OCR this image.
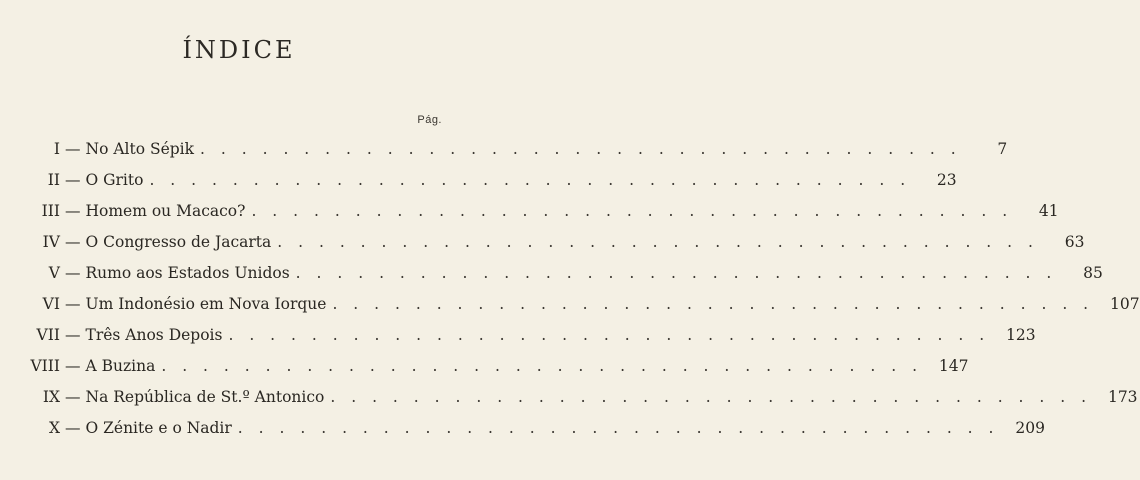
ÍNDICE
Pág.
I — No Alto Sépik . . . . . . . . . . . . . . . . . . . . . . . . . . . . . . . . . . . . .	7
II — O Grito . . . . . . . . . . . . . . . . . . . . . . . . . . . . . . . . . . . . .	23
III — Homem ou Macaco? . . . . . . . . . . . . . . . . . . . . . . . . . . . . . . . . . . . . .	41
IV — O Congresso de Jacarta . . . . . . . . . . . . . . . . . . . . . . . . . . . . . . . . . . . . .	63
V — Rumo aos Estados Unidos . . . . . . . . . . . . . . . . . . . . . . . . . . . . . . . . . . . . .	85
VI — Um Indonésio em Nova Iorque . . . . . . . . . . . . . . . . . . . . . . . . . . . . . . . . . . . . .	107
VII — Três Anos Depois . . . . . . . . . . . . . . . . . . . . . . . . . . . . . . . . . . . . .	123
VIII — A Buzina . . . . . . . . . . . . . . . . . . . . . . . . . . . . . . . . . . . . .	147
IX — Na República de St.º Antonico . . . . . . . . . . . . . . . . . . . . . . . . . . . . . . . . . . . . .	173
X — O Zénite e o Nadir . . . . . . . . . . . . . . . . . . . . . . . . . . . . . . . . . . . . .	209
